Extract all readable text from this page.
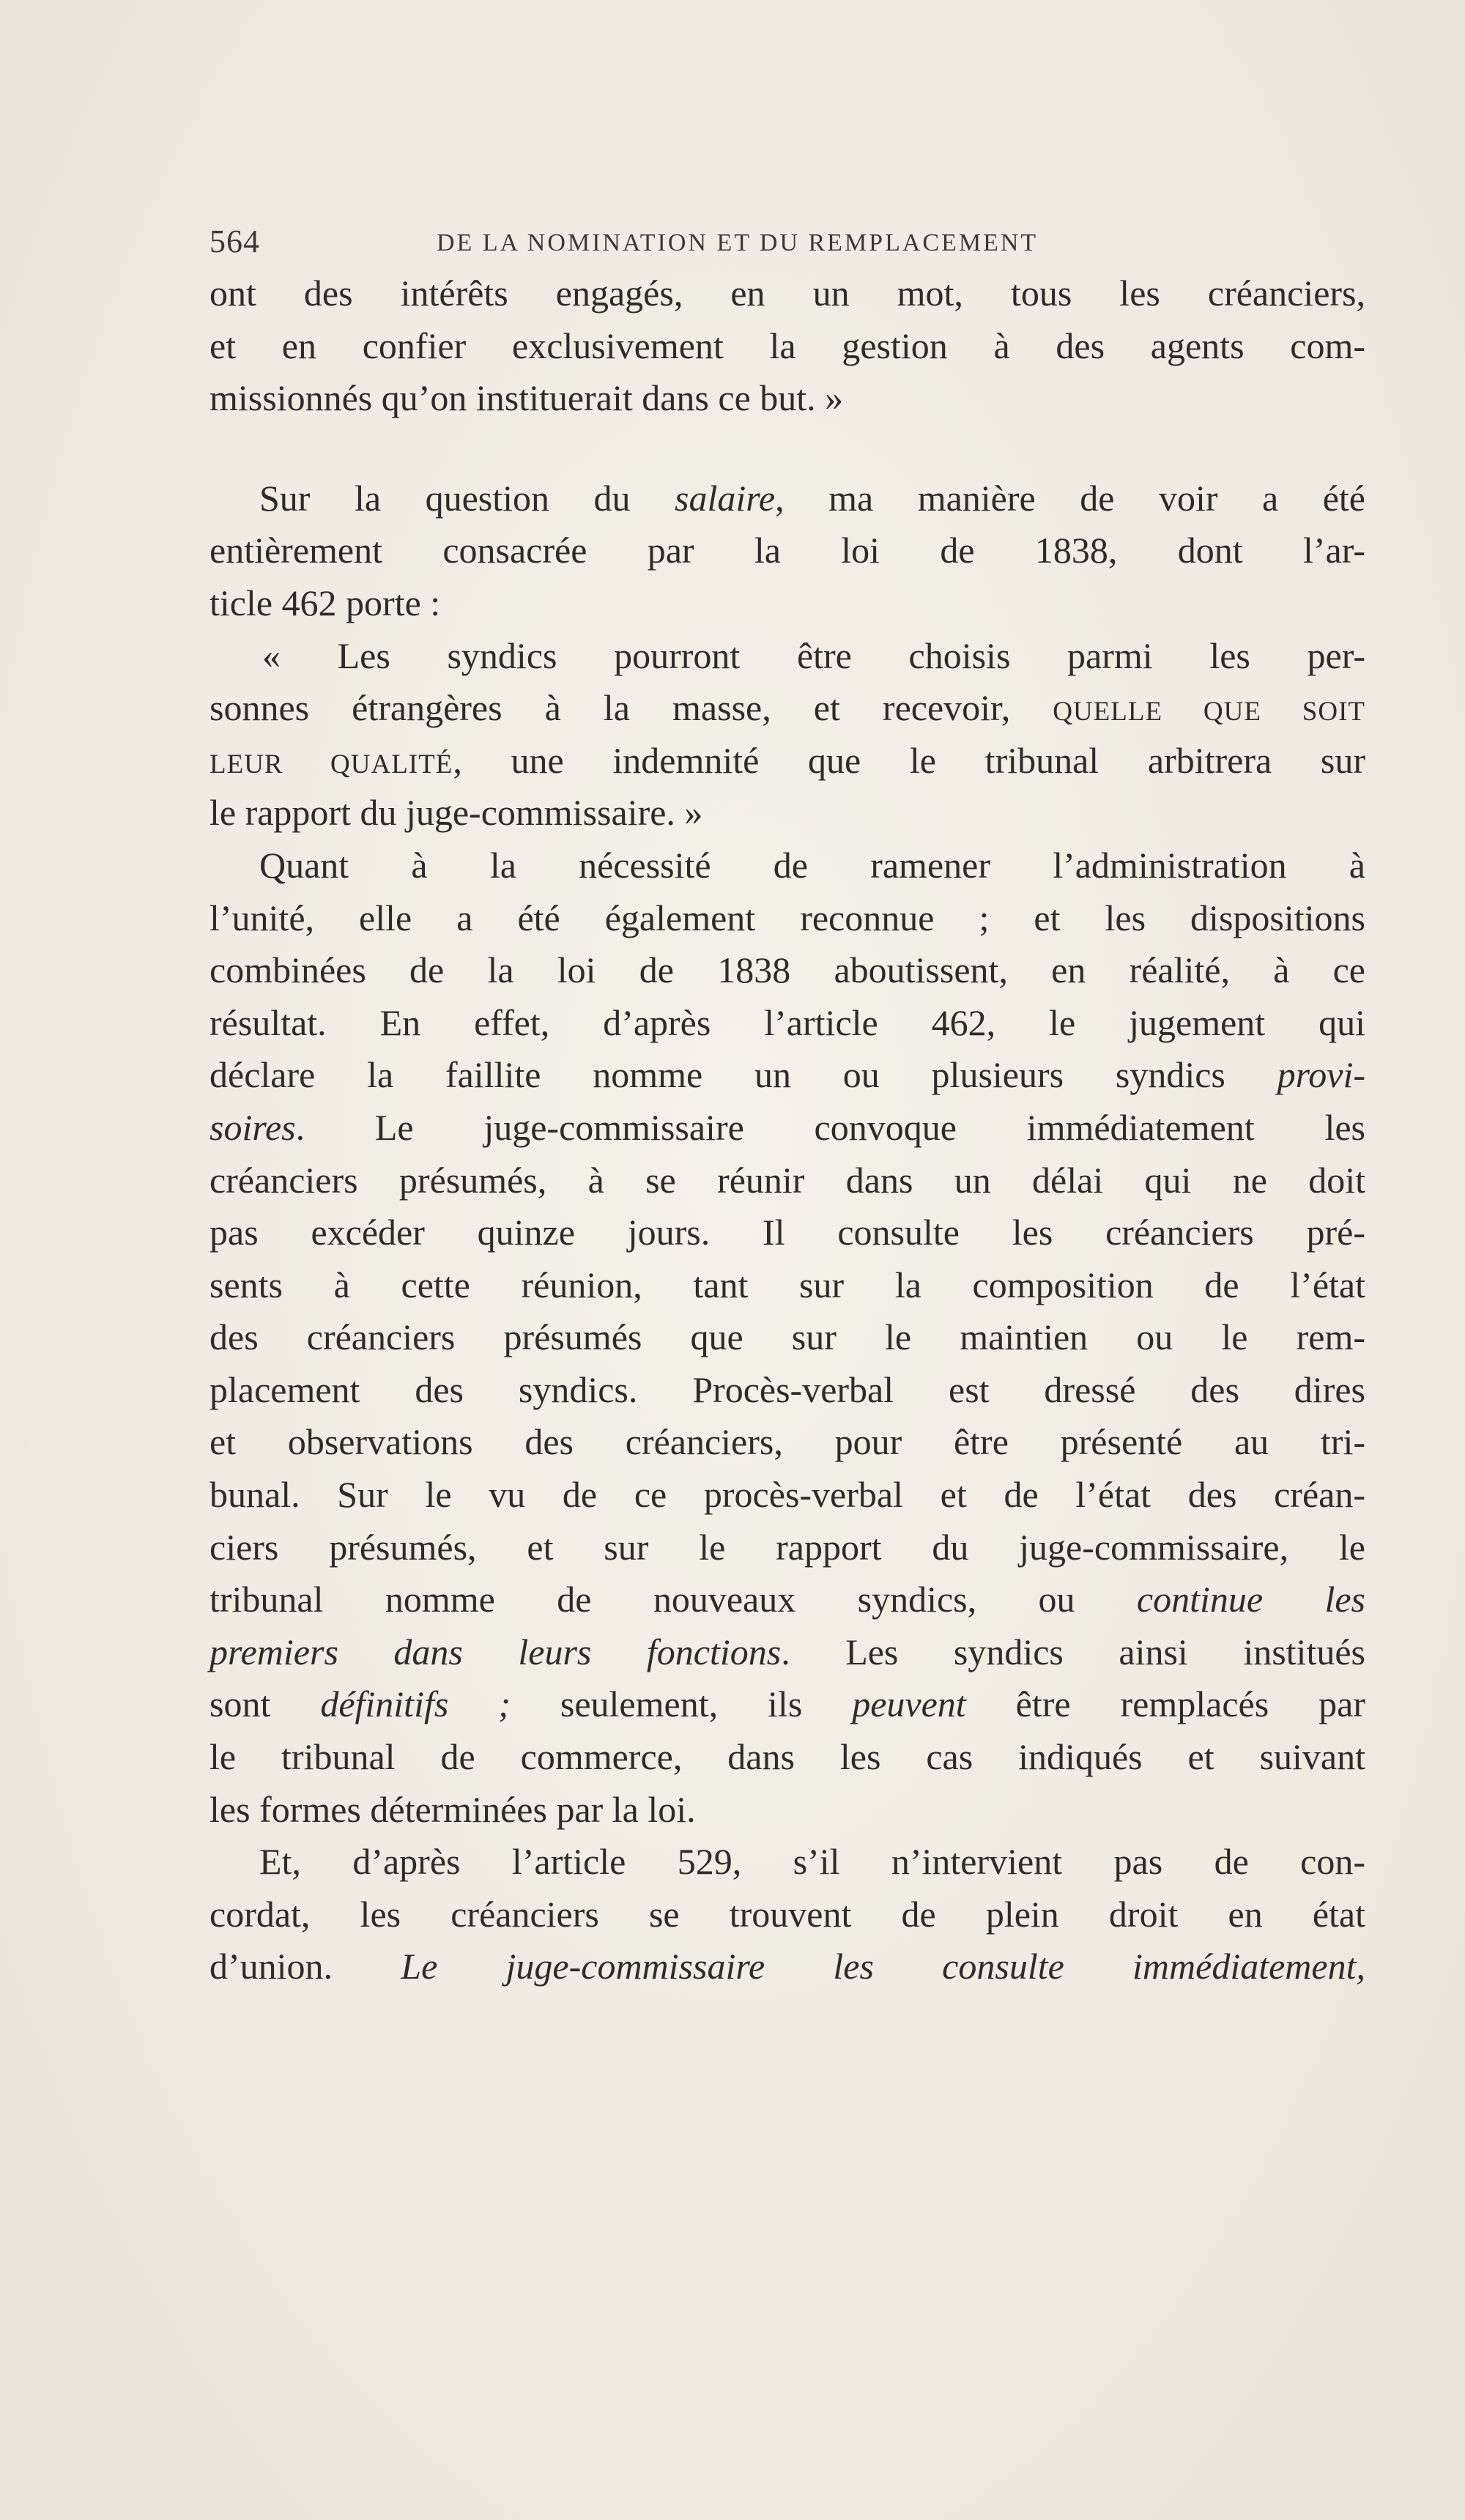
564	DE LA NOMINATION ET DU REMPLACEMENT
ont des intérêts engagés, en un mot, tous les créanciers,
et en confier exclusivement la gestion à des agents com-
missionnés qu’on instituerait dans ce but. »
Sur la question du salaire, ma manière de voir a été
entièrement consacrée par la loi de 1838, dont l’ar-
ticle 462 porte :
« Les syndics pourront être choisis parmi les per-
sonnes étrangères à la masse, et recevoir, QUELLE QUE SOIT
LEUR QUALITÉ, une indemnité que le tribunal arbitrera sur
le rapport du juge-commissaire. »
Quant à la nécessité de ramener l’administration à
l’unité, elle a été également reconnue ; et les dispositions
combinées de la loi de 1838 aboutissent, en réalité, à ce
résultat. En effet, d’après l’article 462, le jugement qui
déclare la faillite nomme un ou plusieurs syndics provi-
soires. Le juge-commissaire convoque immédiatement les
créanciers présumés, à se réunir dans un délai qui ne doit
pas excéder quinze jours. Il consulte les créanciers pré-
sents à cette réunion, tant sur la composition de l’état
des créanciers présumés que sur le maintien ou le rem-
placement des syndics. Procès-verbal est dressé des dires
et observations des créanciers, pour être présenté au tri-
bunal. Sur le vu de ce procès-verbal et de l’état des créan-
ciers présumés, et sur le rapport du juge-commissaire, le
tribunal nomme de nouveaux syndics, ou continue les
premiers dans leurs fonctions. Les syndics ainsi institués
sont définitifs ; seulement, ils peuvent être remplacés par
le tribunal de commerce, dans les cas indiqués et suivant
les formes déterminées par la loi.
Et, d’après l’article 529, s’il n’intervient pas de con-
cordat, les créanciers se trouvent de plein droit en état
d’union. Le juge-commissaire les consulte immédiatement,
